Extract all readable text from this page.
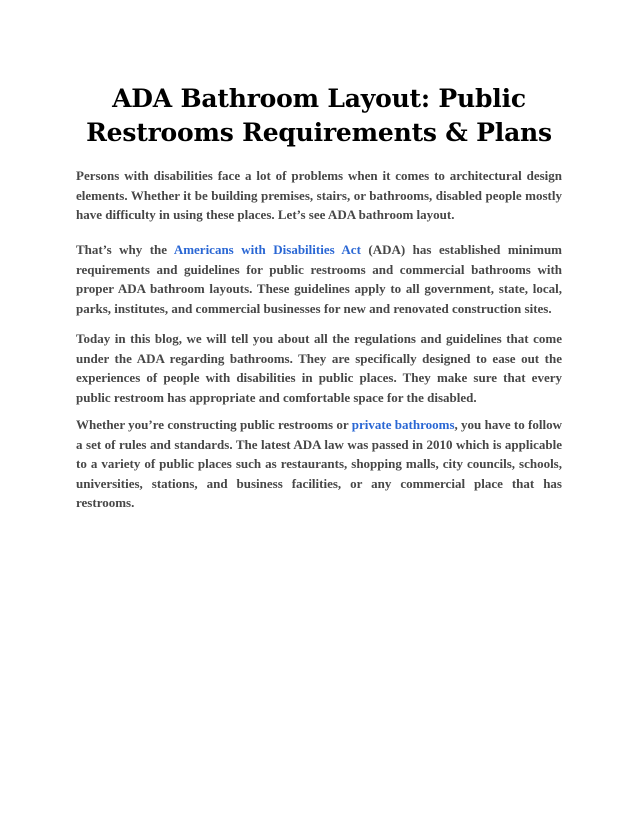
ADA Bathroom Layout: Public Restrooms Requirements & Plans

Persons with disabilities face a lot of problems when it comes to architectural design elements. Whether it be building premises, stairs, or bathrooms, disabled people mostly have difficulty in using these places. Let’s see ADA bathroom layout.

That’s why the Americans with Disabilities Act (ADA) has established minimum requirements and guidelines for public restrooms and commercial bathrooms with proper ADA bathroom layouts. These guidelines apply to all government, state, local, parks, institutes, and commercial businesses for new and renovated construction sites.

Today in this blog, we will tell you about all the regulations and guidelines that come under the ADA regarding bathrooms. They are specifically designed to ease out the experiences of people with disabilities in public places. They make sure that every public restroom has appropriate and comfortable space for the disabled.

Whether you’re constructing public restrooms or private bathrooms, you have to follow a set of rules and standards. The latest ADA law was passed in 2010 which is applicable to a variety of public places such as restaurants, shopping malls, city councils, schools, universities, stations, and business facilities, or any commercial place that has restrooms.
